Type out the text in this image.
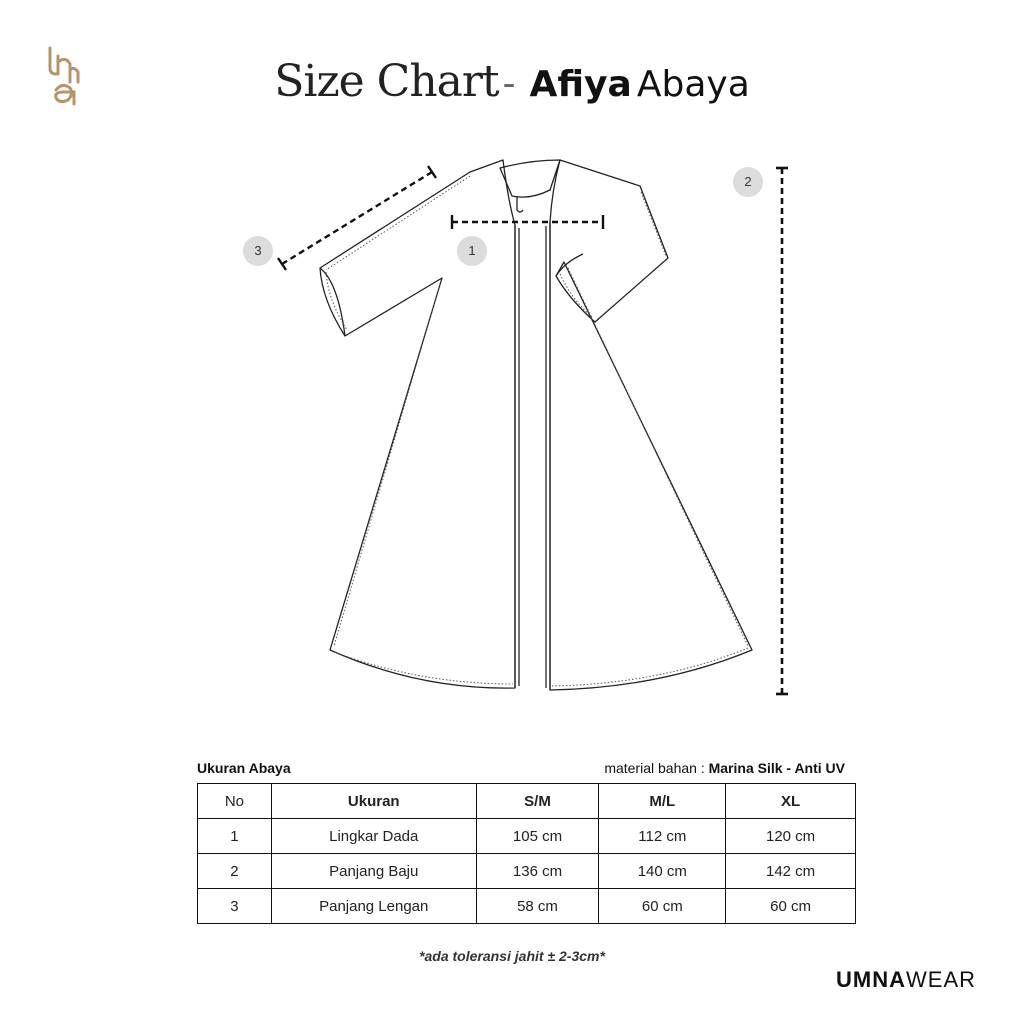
Size Chart - Afiya Abaya
1
2
3
Ukuran Abaya	material bahan : Marina Silk - Anti UV
No	Ukuran	S/M	M/L	XL
1	Lingkar Dada	105 cm	112 cm	120 cm
2	Panjang Baju	136 cm	140 cm	142 cm
3	Panjang Lengan	58 cm	60 cm	60 cm
*ada toleransi jahit ± 2-3cm*
UMNAWEAR
